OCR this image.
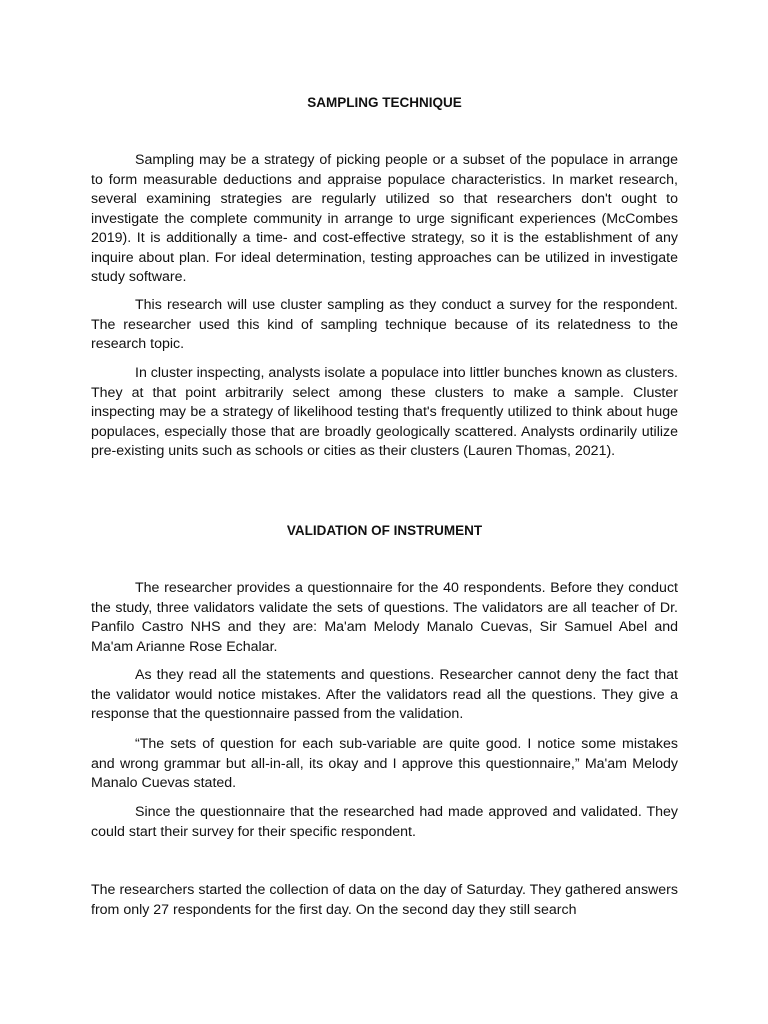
SAMPLING TECHNIQUE

Sampling may be a strategy of picking people or a subset of the populace in arrange to form measurable deductions and appraise populace characteristics. In market research, several examining strategies are regularly utilized so that researchers don't ought to investigate the complete community in arrange to urge significant experiences (McCombes 2019). It is additionally a time- and cost-effective strategy, so it is the establishment of any inquire about plan. For ideal determination, testing approaches can be utilized in investigate study software.

This research will use cluster sampling as they conduct a survey for the respondent. The researcher used this kind of sampling technique because of its relatedness to the research topic.

In cluster inspecting, analysts isolate a populace into littler bunches known as clusters. They at that point arbitrarily select among these clusters to make a sample. Cluster inspecting may be a strategy of likelihood testing that's frequently utilized to think about huge populaces, especially those that are broadly geologically scattered. Analysts ordinarily utilize pre-existing units such as schools or cities as their clusters (Lauren Thomas, 2021).

VALIDATION OF INSTRUMENT

The researcher provides a questionnaire for the 40 respondents. Before they conduct the study, three validators validate the sets of questions. The validators are all teacher of Dr. Panfilo Castro NHS and they are: Ma'am Melody Manalo Cuevas, Sir Samuel Abel and Ma'am Arianne Rose Echalar.

As they read all the statements and questions. Researcher cannot deny the fact that the validator would notice mistakes. After the validators read all the questions. They give a response that the questionnaire passed from the validation.

“The sets of question for each sub-variable are quite good. I notice some mistakes and wrong grammar but all-in-all, its okay and I approve this questionnaire,” Ma'am Melody Manalo Cuevas stated.

Since the questionnaire that the researched had made approved and validated. They could start their survey for their specific respondent.

The researchers started the collection of data on the day of Saturday. They gathered answers from only 27 respondents for the first day. On the second day they still search
